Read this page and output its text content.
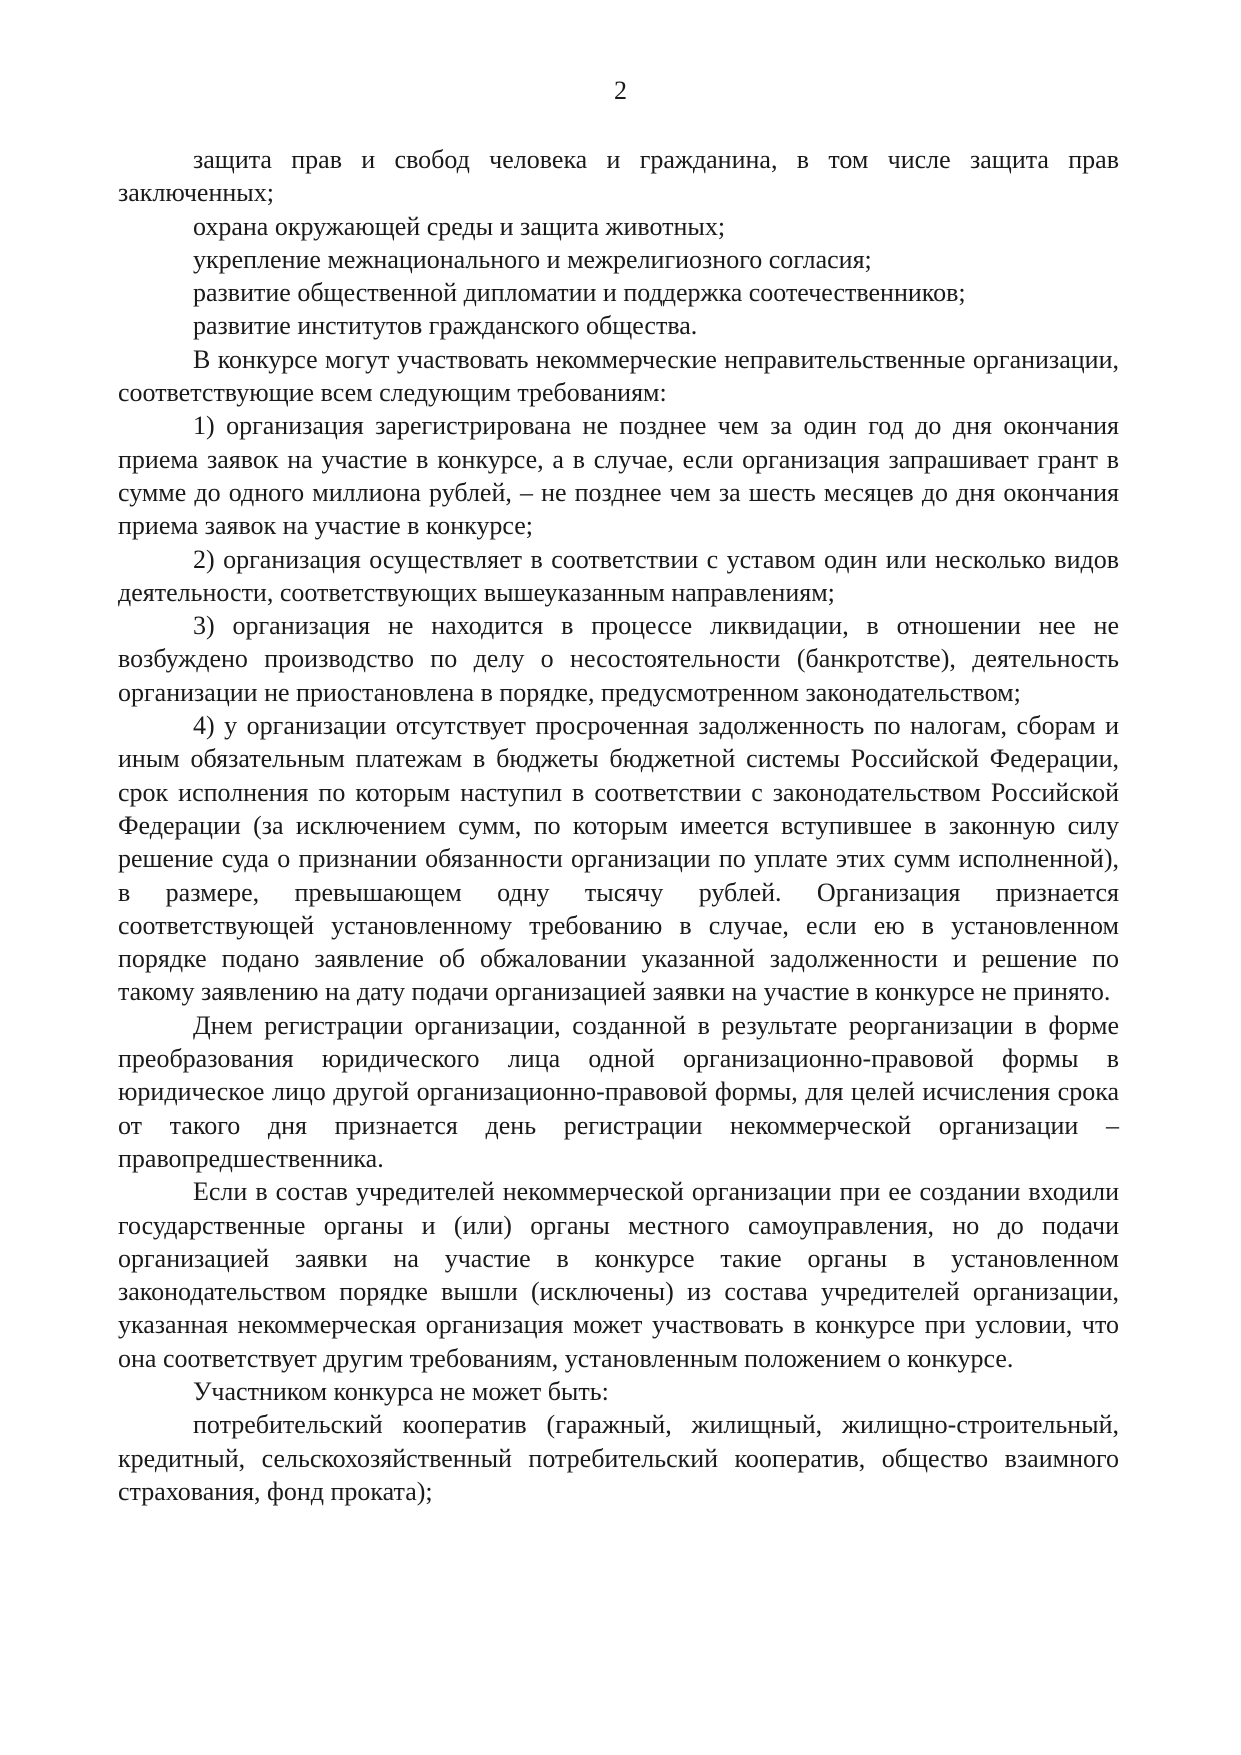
2

защита прав и свобод человека и гражданина, в том числе защита прав заключенных;

охрана окружающей среды и защита животных;

укрепление межнационального и межрелигиозного согласия;

развитие общественной дипломатии и поддержка соотечественников;

развитие институтов гражданского общества.

В конкурсе могут участвовать некоммерческие неправительственные организации, соответствующие всем следующим требованиям:

1) организация зарегистрирована не позднее чем за один год до дня окончания приема заявок на участие в конкурсе, а в случае, если организация запрашивает грант в сумме до одного миллиона рублей, – не позднее чем за шесть месяцев до дня окончания приема заявок на участие в конкурсе;

2) организация осуществляет в соответствии с уставом один или несколько видов деятельности, соответствующих вышеуказанным направлениям;

3) организация не находится в процессе ликвидации, в отношении нее не возбуждено производство по делу о несостоятельности (банкротстве), деятельность организации не приостановлена в порядке, предусмотренном законодательством;

4) у организации отсутствует просроченная задолженность по налогам, сборам и иным обязательным платежам в бюджеты бюджетной системы Российской Федерации, срок исполнения по которым наступил в соответствии с законодательством Российской Федерации (за исключением сумм, по которым имеется вступившее в законную силу решение суда о признании обязанности организации по уплате этих сумм исполненной), в размере, превышающем одну тысячу рублей. Организация признается соответствующей установленному требованию в случае, если ею в установленном порядке подано заявление об обжаловании указанной задолженности и решение по такому заявлению на дату подачи организацией заявки на участие в конкурсе не принято.

Днем регистрации организации, созданной в результате реорганизации в форме преобразования юридического лица одной организационно-правовой формы в юридическое лицо другой организационно-правовой формы, для целей исчисления срока от такого дня признается день регистрации некоммерческой организации – правопредшественника.

Если в состав учредителей некоммерческой организации при ее создании входили государственные органы и (или) органы местного самоуправления, но до подачи организацией заявки на участие в конкурсе такие органы в установленном законодательством порядке вышли (исключены) из состава учредителей организации, указанная некоммерческая организация может участвовать в конкурсе при условии, что она соответствует другим требованиям, установленным положением о конкурсе.

Участником конкурса не может быть:

потребительский кооператив (гаражный, жилищный, жилищно-строительный, кредитный, сельскохозяйственный потребительский кооператив, общество взаимного страхования, фонд проката);
